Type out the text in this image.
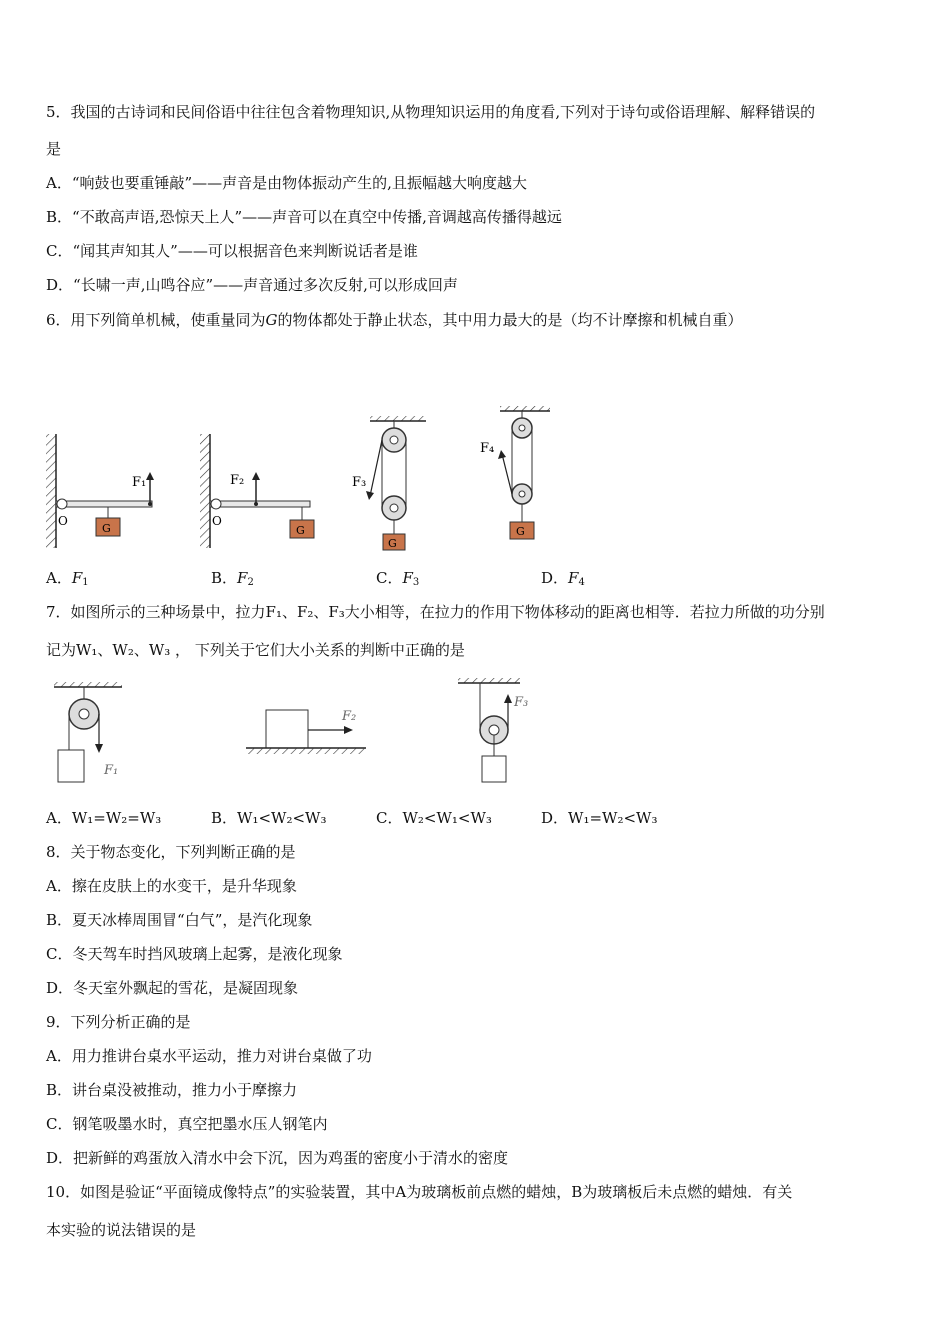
5．我国的古诗词和民间俗语中往往包含着物理知识,从物理知识运用的角度看,下列对于诗句或俗语理解、解释错误的
是
A．“响鼓也要重锤敲”——声音是由物体振动产生的,且振幅越大响度越大
B．“不敢高声语,恐惊天上人”——声音可以在真空中传播,音调越高传播得越远
C．“闻其声知其人”——可以根据音色来判断说话者是谁
D．“长啸一声,山鸣谷应”——声音通过多次反射,可以形成回声
6．用下列简单机械，使重量同为G的物体都处于静止状态，其中用力最大的是（均不计摩擦和机械自重）
O
G
F₁
O
F₂
G
G
F₃
G
F₄
A．$F_1$	B．$F_2$	C．$F_3$	D．$F_4$
7．如图所示的三种场景中，拉力F₁、F₂、F₃大小相等，在拉力的作用下物体移动的距离也相等．若拉力所做的功分别
记为W₁、W₂、W₃ ， 下列关于它们大小关系的判断中正确的是
F₁
F₂
F₃
A．W₁=W₂=W₃	B．W₁<W₂<W₃	C．W₂<W₁<W₃	D．W₁=W₂<W₃
8．关于物态变化，下列判断正确的是
A．擦在皮肤上的水变干，是升华现象
B．夏天冰棒周围冒“白气”，是汽化现象
C．冬天驾车时挡风玻璃上起雾，是液化现象
D．冬天室外飘起的雪花，是凝固现象
9．下列分析正确的是
A．用力推讲台桌水平运动，推力对讲台桌做了功
B．讲台桌没被推动，推力小于摩擦力
C．钢笔吸墨水时，真空把墨水压人钢笔内
D．把新鲜的鸡蛋放入清水中会下沉，因为鸡蛋的密度小于清水的密度
10．如图是验证“平面镜成像特点”的实验装置，其中A为玻璃板前点燃的蜡烛，B为玻璃板后未点燃的蜡烛．有关
本实验的说法错误的是
